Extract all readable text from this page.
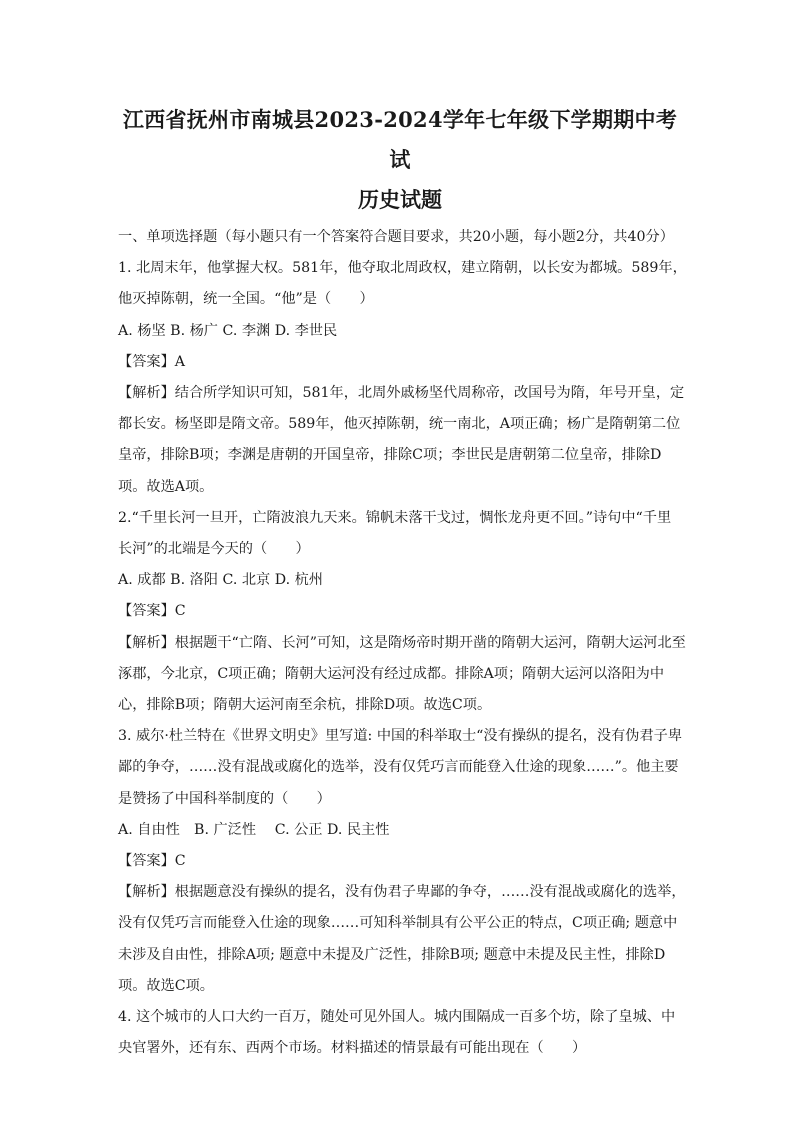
江西省抚州市南城县2023-2024学年七年级下学期期中考试
历史试题

一、单项选择题（每小题只有一个答案符合题目要求，共20小题，每小题2分，共40分）

1. 北周末年，他掌握大权。581年，他夺取北周政权，建立隋朝，以长安为都城。589年，

他灭掉陈朝，统一全国。“他”是（　　）

A. 杨坚 B. 杨广 C. 李渊 D. 李世民

【答案】A

【解析】结合所学知识可知，581年，北周外戚杨坚代周称帝，改国号为隋，年号开皇，定

都长安。杨坚即是隋文帝。589年，他灭掉陈朝，统一南北，A项正确；杨广是隋朝第二位

皇帝，排除B项；李渊是唐朝的开国皇帝，排除C项；李世民是唐朝第二位皇帝，排除D

项。故选A项。

2.“千里长河一旦开，亡隋波浪九天来。锦帆未落干戈过，惆怅龙舟更不回。”诗句中“千里

长河”的北端是今天的（　　）

A. 成都 B. 洛阳 C. 北京 D. 杭州

【答案】C

【解析】根据题干“亡隋、长河”可知，这是隋炀帝时期开凿的隋朝大运河，隋朝大运河北至

涿郡，今北京，C项正确；隋朝大运河没有经过成都。排除A项；隋朝大运河以洛阳为中

心，排除B项；隋朝大运河南至余杭，排除D项。故选C项。

3. 威尔·杜兰特在《世界文明史》里写道: 中国的科举取士“没有操纵的提名，没有伪君子卑

鄙的争夺，……没有混战或腐化的选举，没有仅凭巧言而能登入仕途的现象……”。他主要

是赞扬了中国科举制度的（　　）

A. 自由性　B. 广泛性　 C. 公正 D. 民主性

【答案】C

【解析】根据题意没有操纵的提名，没有伪君子卑鄙的争夺，……没有混战或腐化的选举，

没有仅凭巧言而能登入仕途的现象……可知科举制具有公平公正的特点，C项正确; 题意中

未涉及自由性，排除A项; 题意中未提及广泛性，排除B项; 题意中未提及民主性，排除D

项。故选C项。

4. 这个城市的人口大约一百万，随处可见外国人。城内围隔成一百多个坊，除了皇城、中

央官署外，还有东、西两个市场。材料描述的情景最有可能出现在（　　）
